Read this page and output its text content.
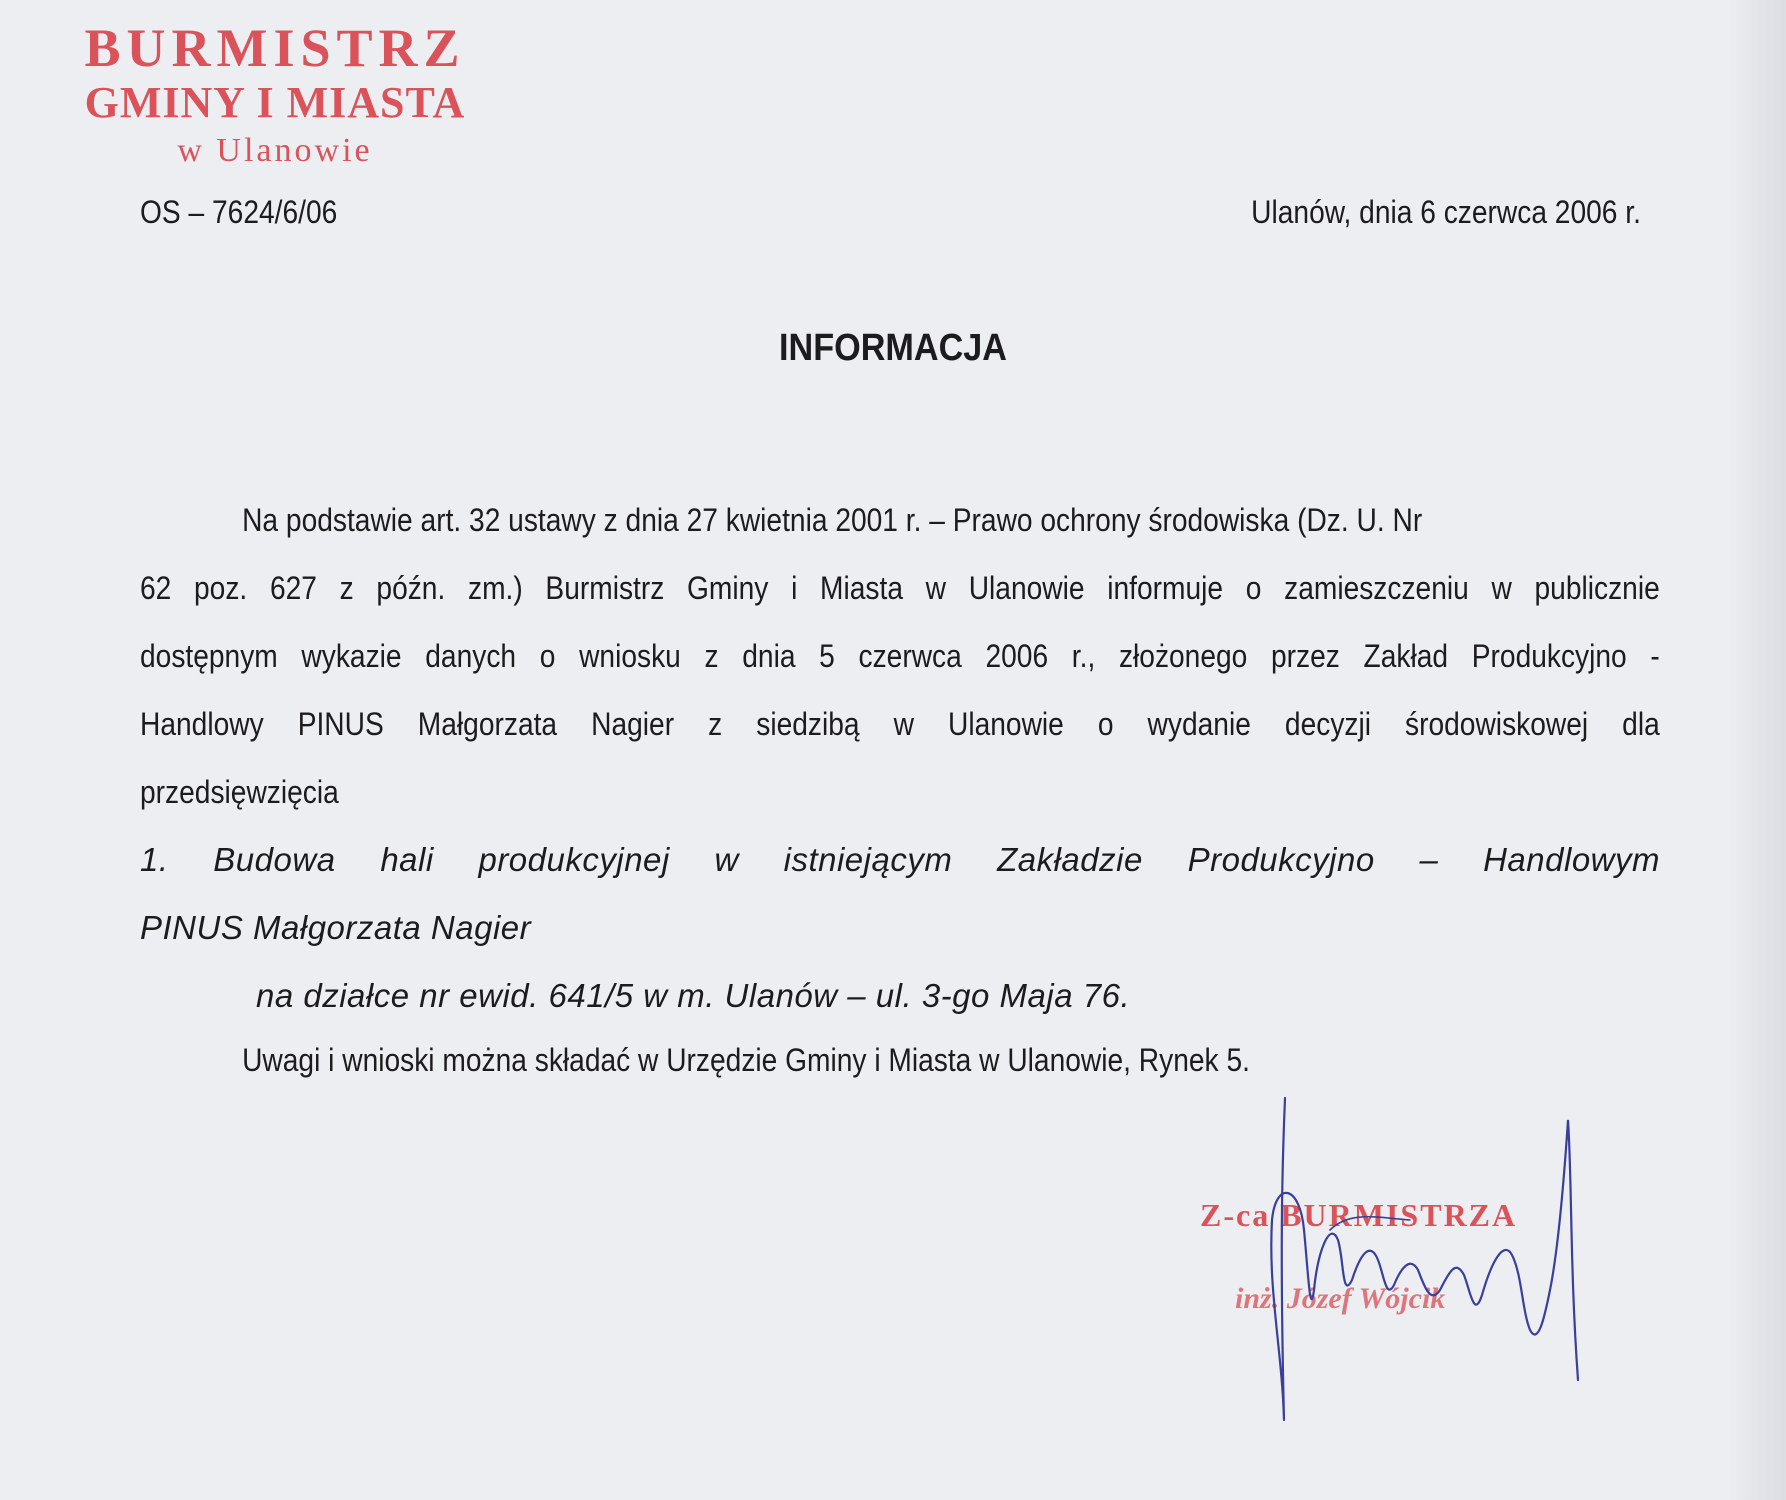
BURMISTRZ
GMINY I MIASTA
w Ulanowie
OS – 7624/6/06	Ulanów, dnia 6 czerwca 2006 r.
INFORMACJA
Na podstawie art. 32 ustawy z dnia 27 kwietnia 2001 r. – Prawo ochrony środowiska (Dz. U. Nr
62 poz. 627 z późn. zm.) Burmistrz Gminy i Miasta w Ulanowie informuje o zamieszczeniu w publicznie
dostępnym wykazie danych o wniosku z dnia 5 czerwca 2006 r., złożonego przez Zakład Produkcyjno -
Handlowy PINUS Małgorzata Nagier z siedzibą w Ulanowie o wydanie decyzji środowiskowej dla
przedsięwzięcia
1. Budowa hali produkcyjnej w istniejącym Zakładzie Produkcyjno – Handlowym
PINUS Małgorzata Nagier
na działce nr ewid. 641/5 w m. Ulanów – ul. 3-go Maja 76.
Uwagi i wnioski można składać w Urzędzie Gminy i Miasta w Ulanowie, Rynek 5.
Z-ca BURMISTRZA
inż. Józef Wójcik
